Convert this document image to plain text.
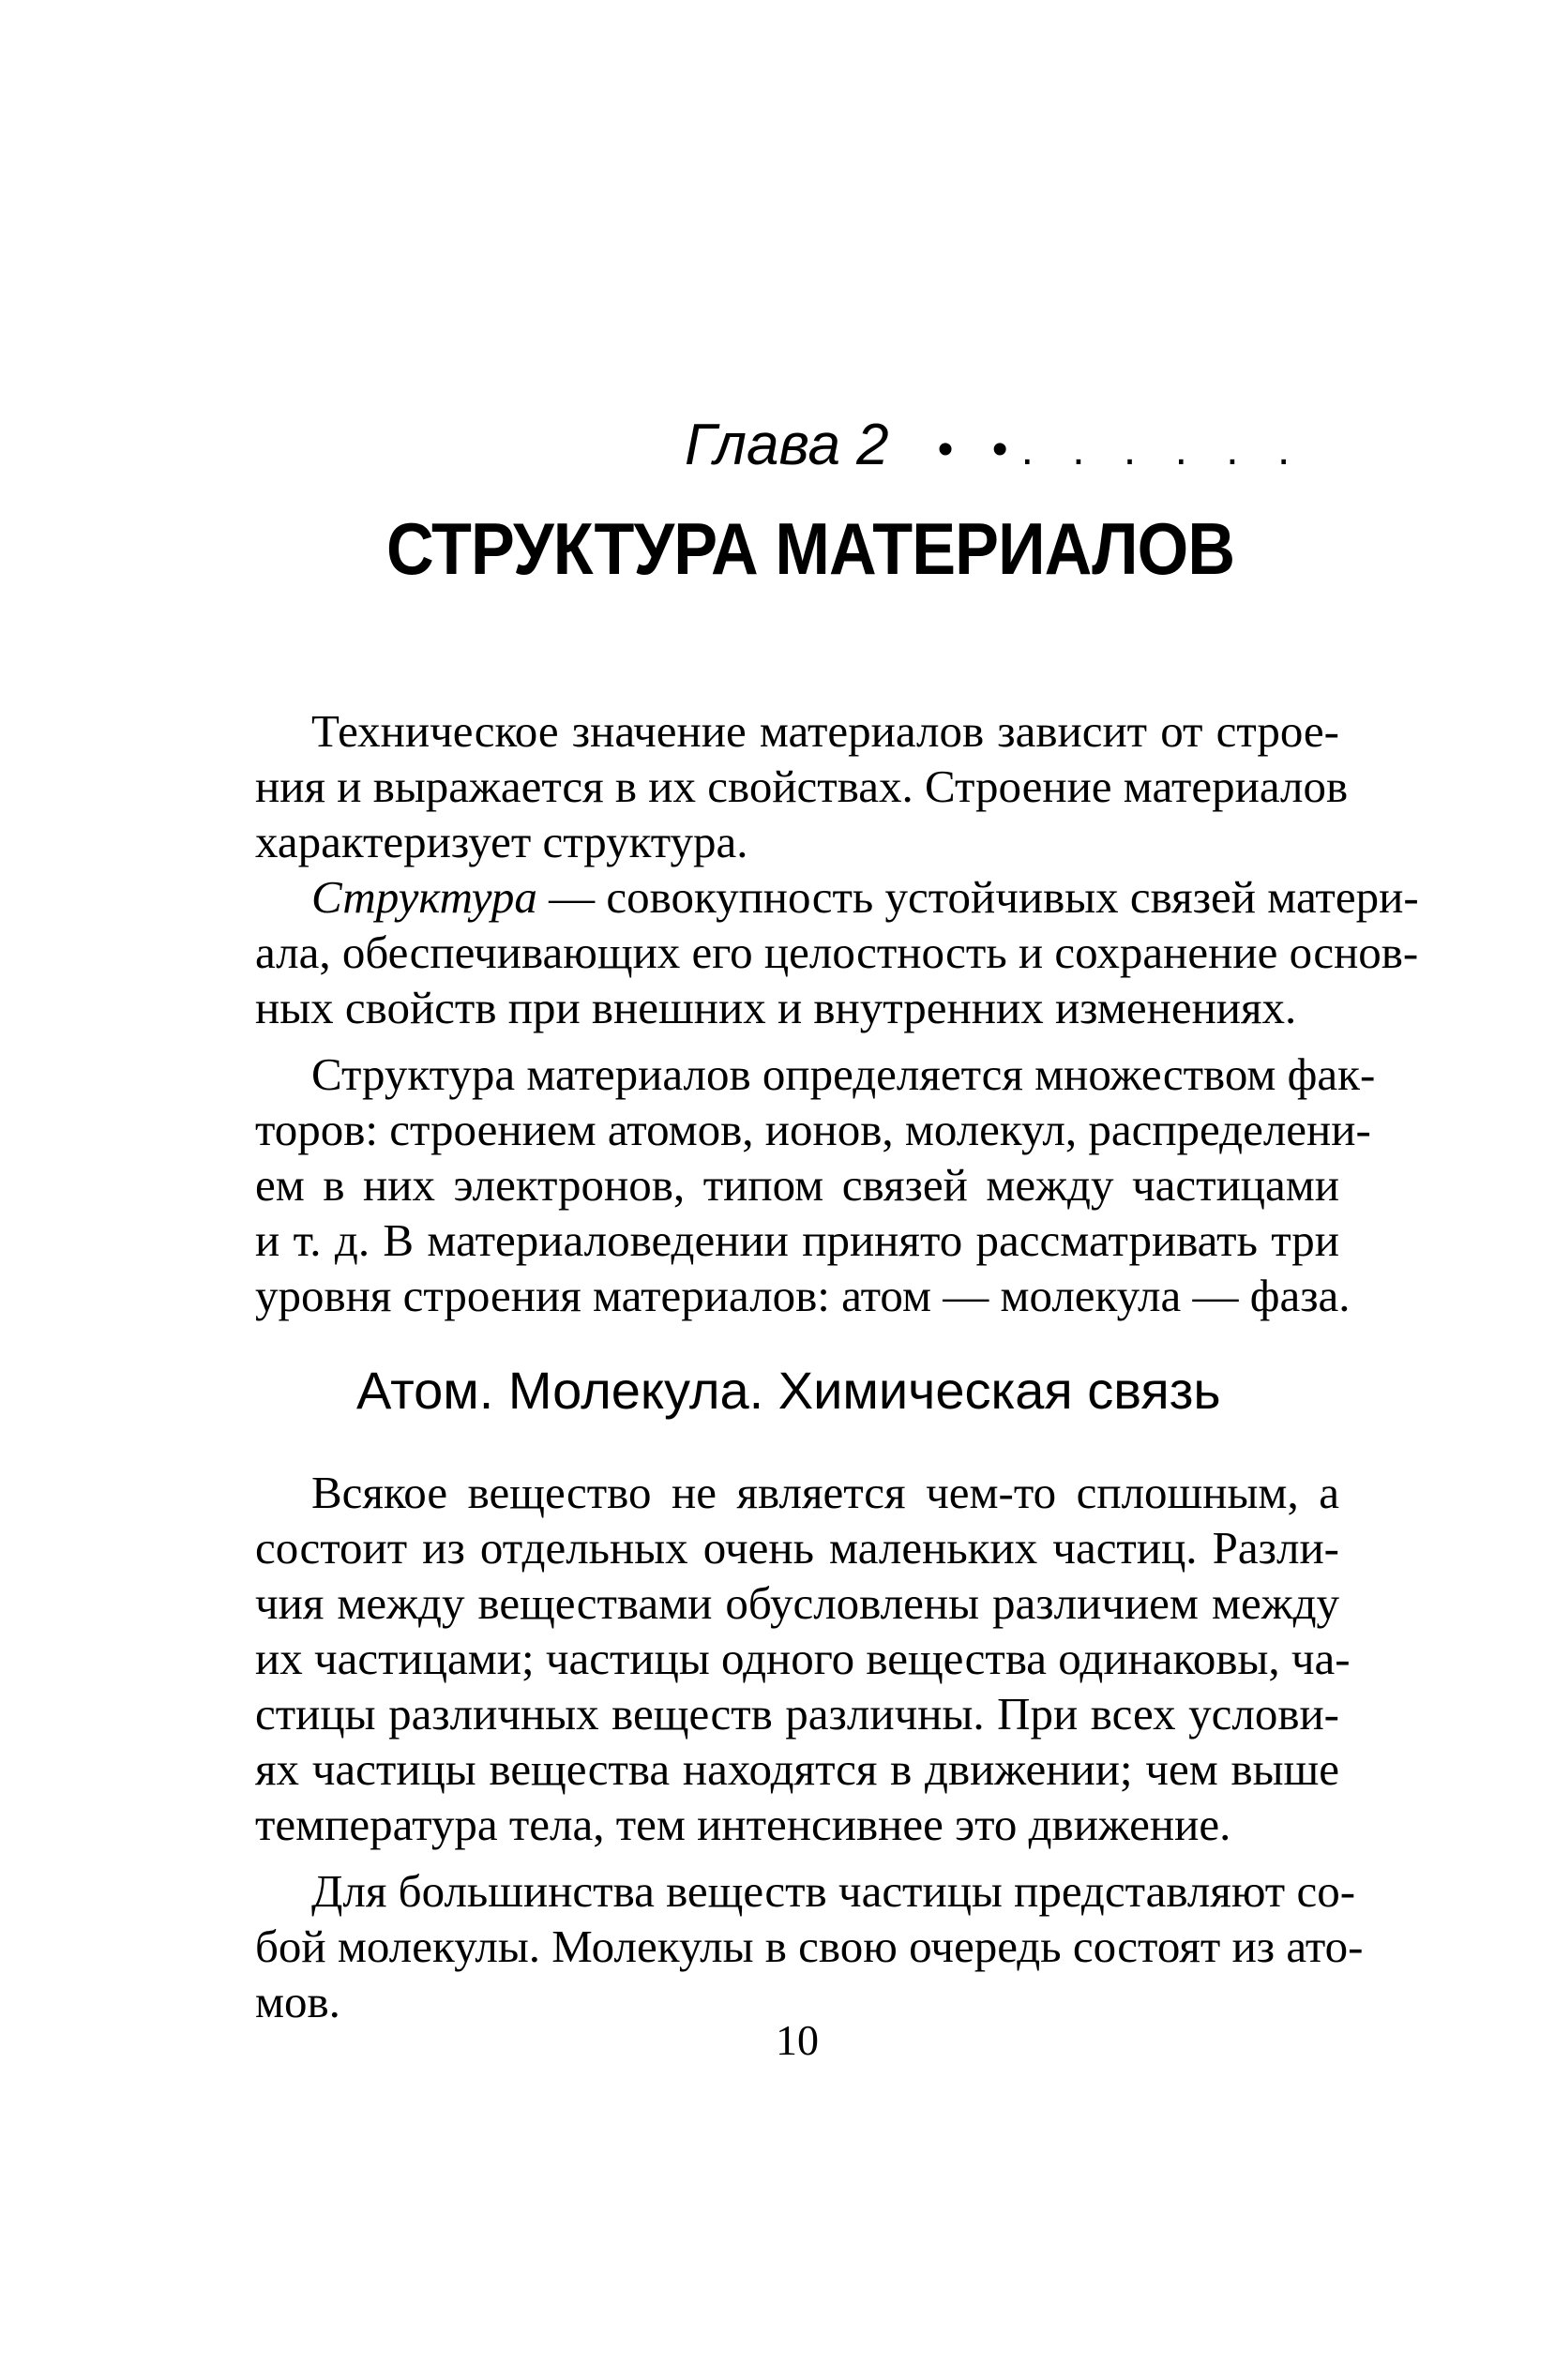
Глава 2 • •. . . . . .
СТРУКТУРА МАТЕРИАЛОВ
Техническое значение материалов зависит от строе-
ния и выражается в их свойствах. Строение материалов
характеризует структура.
Структура — совокупность устойчивых связей матери-
ала, обеспечивающих его целостность и сохранение основ-
ных свойств при внешних и внутренних изменениях.
Структура материалов определяется множеством фак-
торов: строением атомов, ионов, молекул, распределени-
ем в них электронов, типом связей между частицами
и т. д. В материаловедении принято рассматривать три
уровня строения материалов: атом — молекула — фаза.
Атом. Молекула. Химическая связь
Всякое вещество не является чем-то сплошным, а
состоит из отдельных очень маленьких частиц. Разли-
чия между веществами обусловлены различием между
их частицами; частицы одного вещества одинаковы, ча-
стицы различных веществ различны. При всех услови-
ях частицы вещества находятся в движении; чем выше
температура тела, тем интенсивнее это движение.
Для большинства веществ частицы представляют со-
бой молекулы. Молекулы в свою очередь состоят из ато-
мов.
10
